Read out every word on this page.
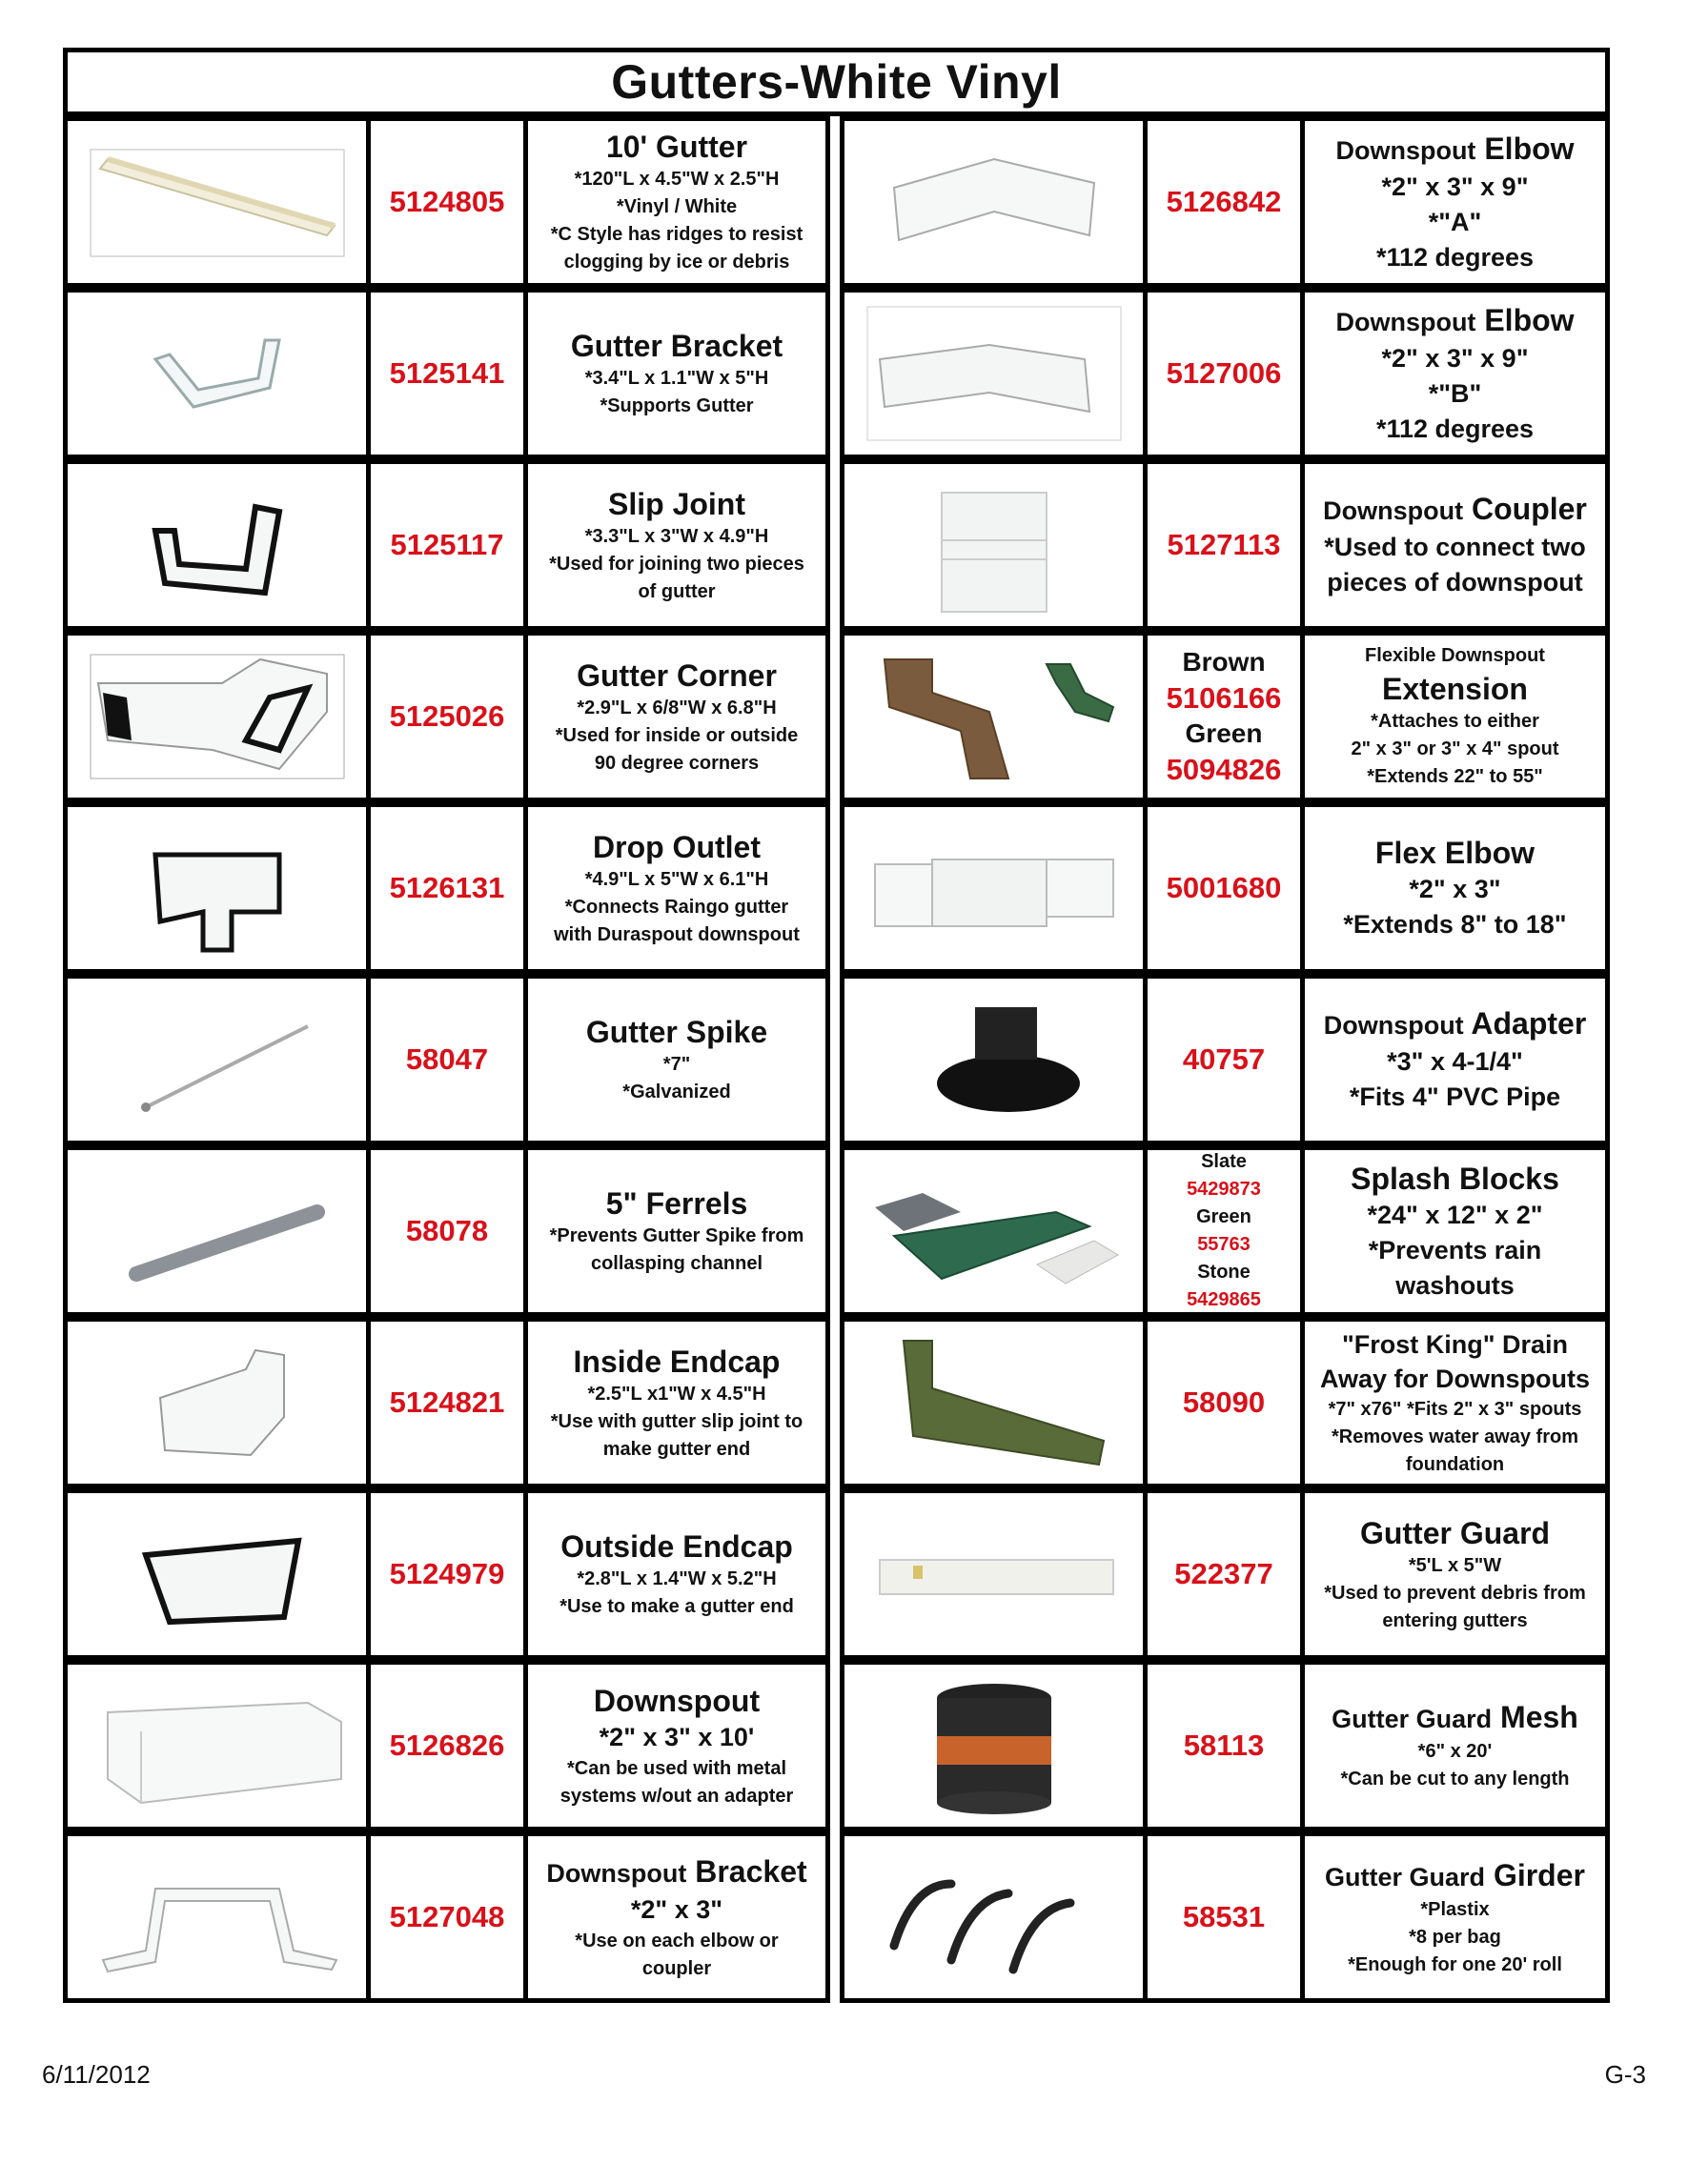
Gutters-White Vinyl
5124805
10' Gutter
*120"L x 4.5"W x 2.5"H
*Vinyl / White
*C Style has ridges to resist
clogging by ice or debris
5125141
Gutter Bracket
*3.4"L x 1.1"W x 5"H
*Supports Gutter
5125117
Slip Joint
*3.3"L x 3"W x 4.9"H
*Used for joining two pieces
of gutter
5125026
Gutter Corner
*2.9"L x 6/8"W x 6.8"H
*Used for inside or outside
90 degree corners
5126131
Drop Outlet
*4.9"L x 5"W x 6.1"H
*Connects Raingo gutter
with Duraspout downspout
58047
Gutter Spike
*7"
*Galvanized
58078
5" Ferrels
*Prevents Gutter Spike from
collasping channel
5124821
Inside Endcap
*2.5"L x1"W x 4.5"H
*Use with gutter slip joint to
make gutter end
5124979
Outside Endcap
*2.8"L x 1.4"W x 5.2"H
*Use to make a gutter end
5126826
Downspout
*2" x 3" x 10'
*Can be used with metal
systems w/out an adapter
5127048
Downspout Bracket
*2" x 3"
*Use on each elbow or
coupler
5126842
Downspout Elbow
*2" x 3" x 9"
*"A"
*112 degrees
5127006
Downspout Elbow
*2" x 3" x 9"
*"B"
*112 degrees
5127113
Downspout Coupler
*Used to connect two
pieces of downspout
Brown
5106166
Green
5094826
Flexible Downspout
Extension
*Attaches to either
2" x 3" or 3" x 4" spout
*Extends 22" to 55"
5001680
Flex Elbow
*2" x 3"
*Extends 8" to 18"
40757
Downspout Adapter
*3" x 4-1/4"
*Fits 4" PVC Pipe
Slate
5429873
Green
55763
Stone
5429865
Splash Blocks
*24" x 12" x 2"
*Prevents rain
washouts
58090
"Frost King" Drain
Away for Downspouts
*7" x76" *Fits 2" x 3" spouts
*Removes water away from
foundation
522377
Gutter Guard
*5'L x 5"W
*Used to prevent debris from
entering gutters
58113
Gutter Guard Mesh
*6" x 20'
*Can be cut to any length
58531
Gutter Guard Girder
*Plastix
*8 per bag
*Enough for one 20' roll
6/11/2012	G-3
